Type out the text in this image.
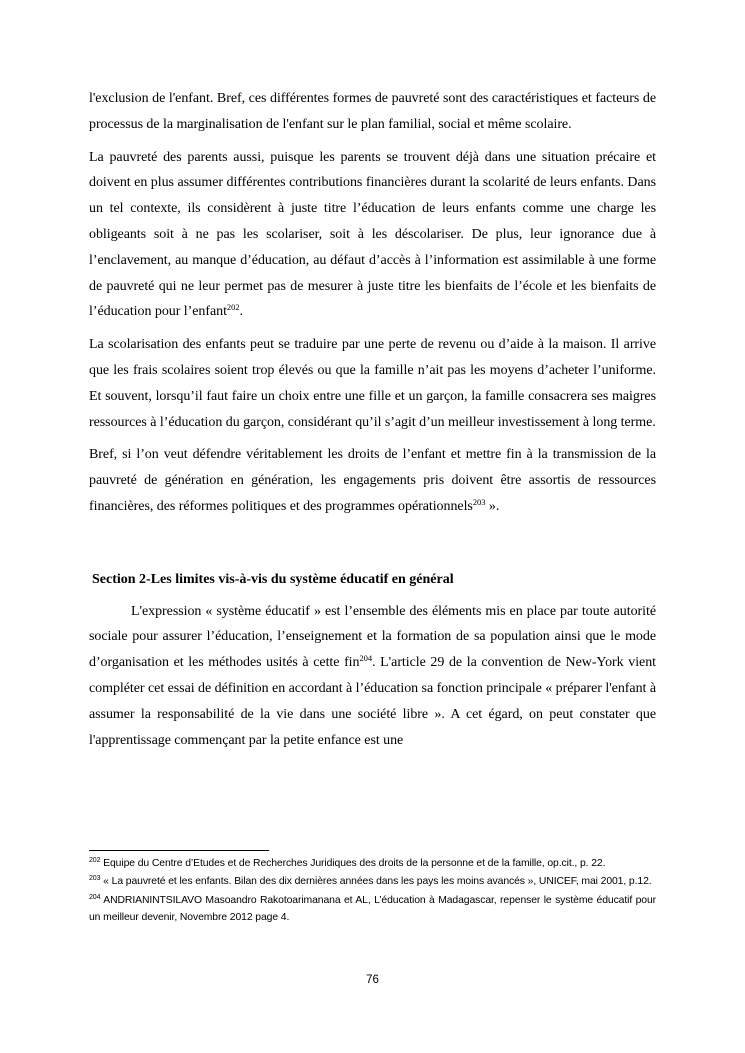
l'exclusion de l'enfant. Bref, ces différentes formes de pauvreté sont des caractéristiques et facteurs de processus de la marginalisation de l'enfant sur le plan familial, social et même scolaire.

La pauvreté des parents aussi, puisque les parents se trouvent déjà dans une situation précaire et doivent en plus assumer différentes contributions financières durant la scolarité de leurs enfants. Dans un tel contexte, ils considèrent à juste titre l’éducation de leurs enfants comme une charge les obligeants soit à ne pas les scolariser, soit à les déscolariser. De plus, leur ignorance due à l’enclavement, au manque d’éducation, au défaut d’accès à l’information est assimilable à une forme de pauvreté qui ne leur permet pas de mesurer à juste titre les bienfaits de l’école et les bienfaits de l’éducation pour l’enfant$^{202}$.

La scolarisation des enfants peut se traduire par une perte de revenu ou d’aide à la maison. Il arrive que les frais scolaires soient trop élevés ou que la famille n’ait pas les moyens d’acheter l’uniforme. Et souvent, lorsqu’il faut faire un choix entre une fille et un garçon, la famille consacrera ses maigres ressources à l’éducation du garçon, considérant qu’il s’agit d’un meilleur investissement à long terme.

Bref, si l’on veut défendre véritablement les droits de l’enfant et mettre fin à la transmission de la pauvreté de génération en génération, les engagements pris doivent être assortis de ressources financières, des réformes politiques et des programmes opérationnels$^{203}$ ».

Section 2-Les limites vis-à-vis du système éducatif en général

L'expression « système éducatif » est l’ensemble des éléments mis en place par toute autorité sociale pour assurer l’éducation, l’enseignement et la formation de sa population ainsi que le mode d’organisation et les méthodes usités à cette fin$^{204}$. L'article 29 de la convention de New-York vient compléter cet essai de définition en accordant à l’éducation sa fonction principale « préparer l'enfant à assumer la responsabilité de la vie dans une société libre ». A cet égard, on peut constater que l'apprentissage commençant par la petite enfance est une

$^{202}$ Equipe du Centre d’Etudes et de Recherches Juridiques des droits de la personne et de la famille, op.cit., p. 22.

$^{203}$ « La pauvreté et les enfants. Bilan des dix dernières années dans les pays les moins avancés », UNICEF, mai 2001, p.12.

$^{204}$ ANDRIANINTSILAVO Masoandro Rakotoarimanana et AL, L’éducation à Madagascar, repenser le système éducatif pour un meilleur devenir, Novembre 2012 page 4.

76
